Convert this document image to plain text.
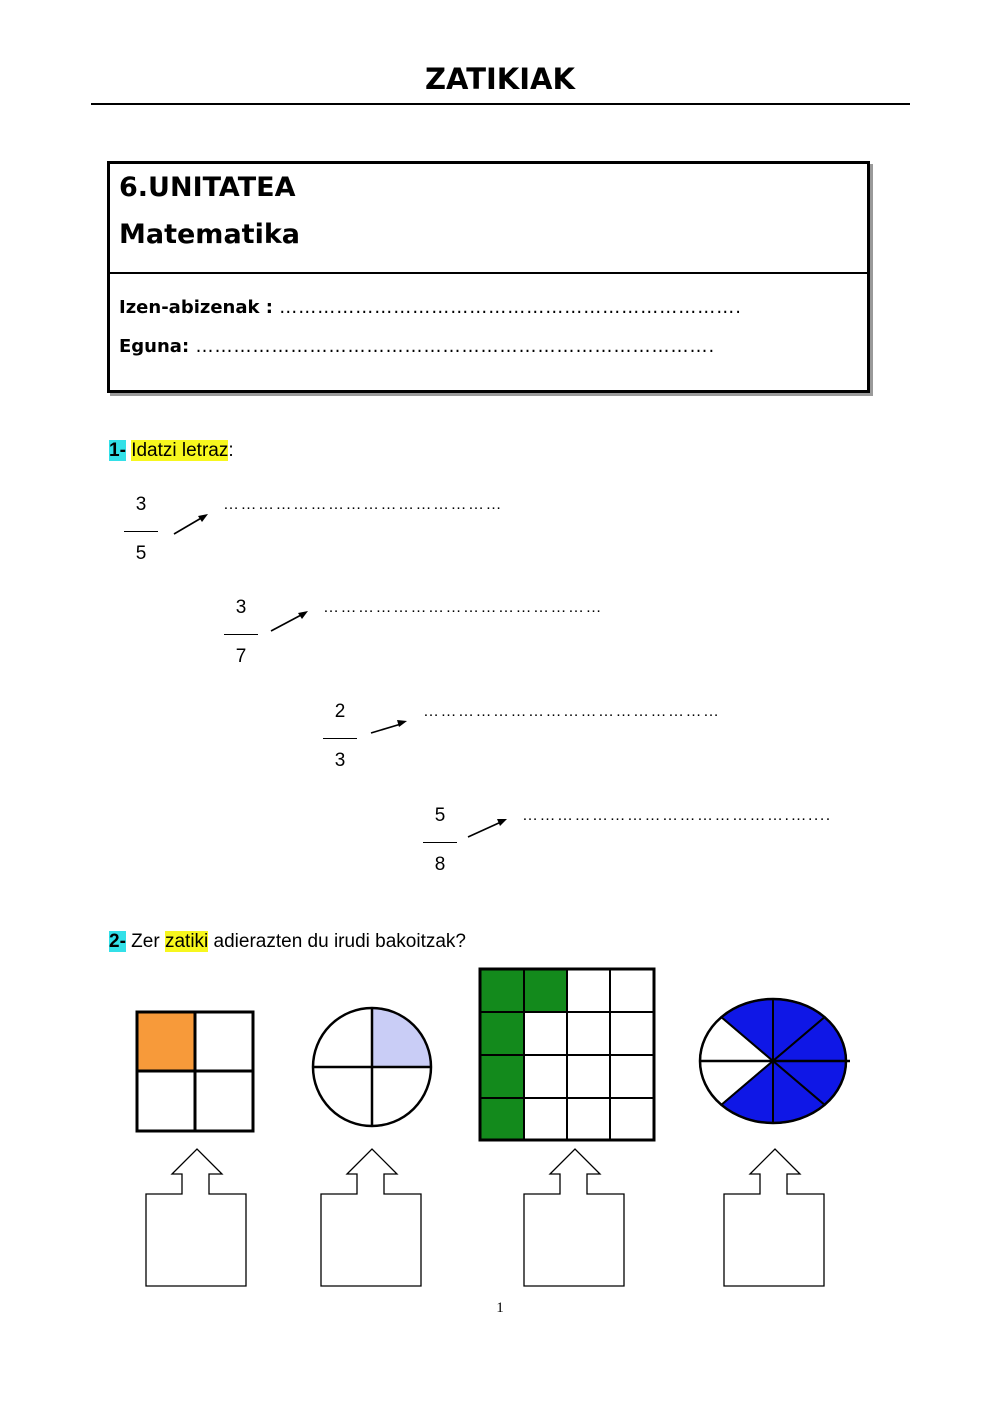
ZATIKIAK
6.UNITATEA
Matematika
Izen-abizenak : ……………………………………………………………….
Eguna: ……………………………………………………………………….
1- Idatzi letraz:
3
5
…………………………………………
3
7
…………………………………………
2
3
……………………………………………
5
8
……………………………………….…....
2- Zer zatiki adierazten du irudi bakoitzak?
1
